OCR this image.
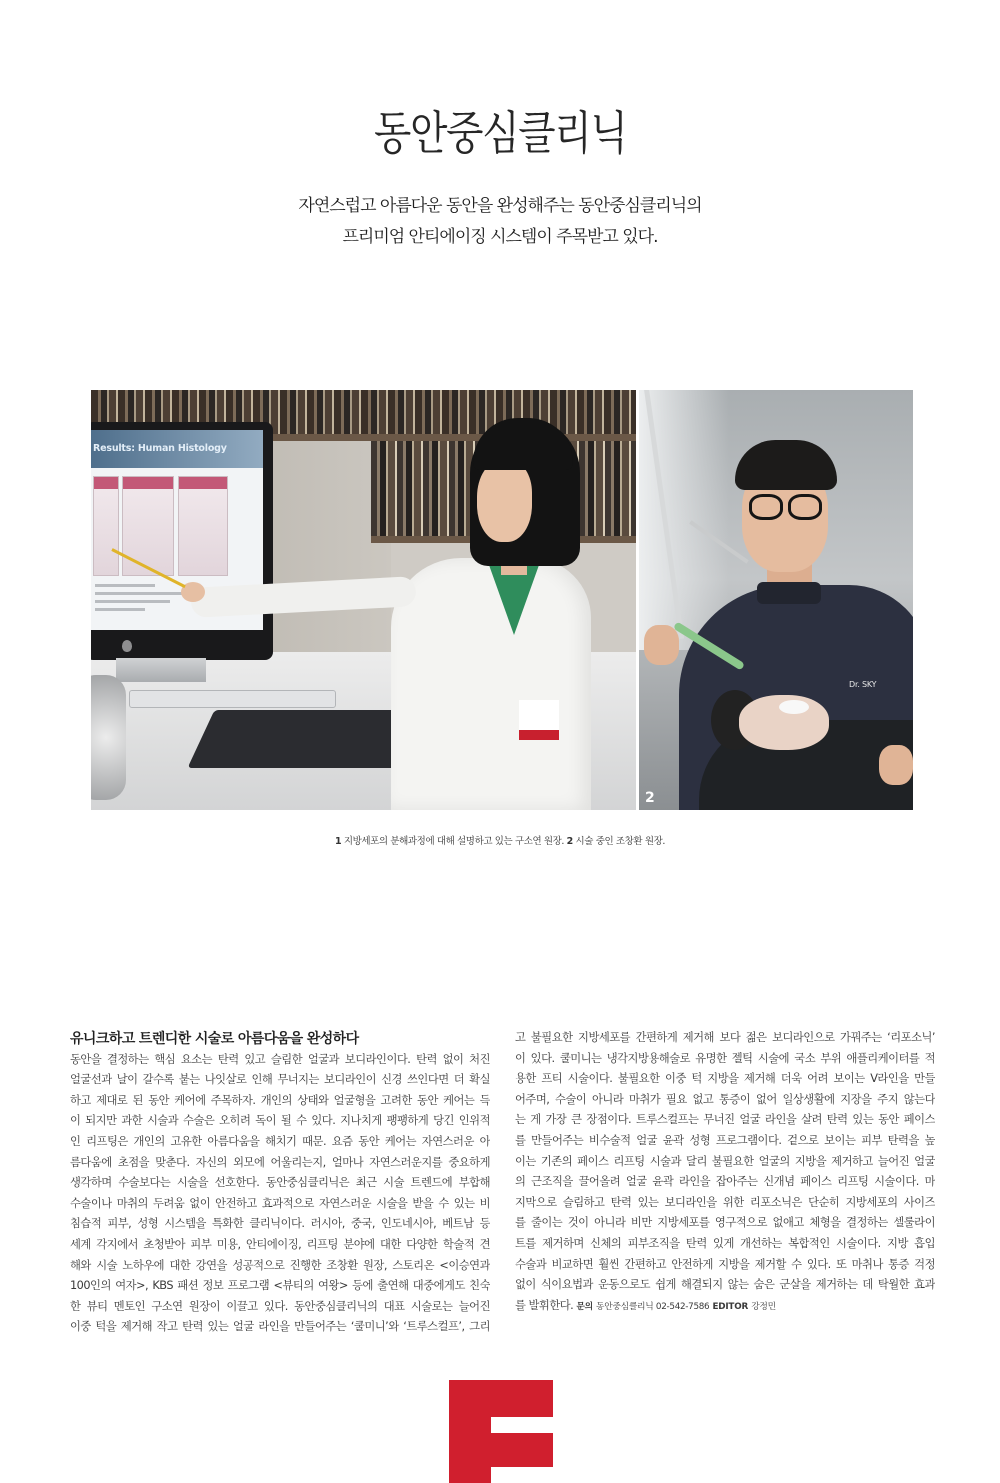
동안중심클리닉
자연스럽고 아름다운 동안을 완성해주는 동안중심클리닉의
프리미엄 안티에이징 시스템이 주목받고 있다.
Results: Human Histology
Dr. SKY
2
1 지방세포의 분해과정에 대해 설명하고 있는 구소연 원장. 2 시술 중인 조창환 원장.
유니크하고 트렌디한 시술로 아름다움을 완성하다
동안을 결정하는 핵심 요소는 탄력 있고 슬림한 얼굴과 보디라인이다. 탄력 없이 처진
얼굴선과 날이 갈수록 붙는 나잇살로 인해 무너지는 보디라인이 신경 쓰인다면 더 확실
하고 제대로 된 동안 케어에 주목하자. 개인의 상태와 얼굴형을 고려한 동안 케어는 득
이 되지만 과한 시술과 수술은 오히려 독이 될 수 있다. 지나치게 팽팽하게 당긴 인위적
인 리프팅은 개인의 고유한 아름다움을 해치기 때문. 요즘 동안 케어는 자연스러운 아
름다움에 초점을 맞춘다. 자신의 외모에 어울리는지, 얼마나 자연스러운지를 중요하게
생각하며 수술보다는 시술을 선호한다. 동안중심클리닉은 최근 시술 트렌드에 부합해
수술이나 마취의 두려움 없이 안전하고 효과적으로 자연스러운 시술을 받을 수 있는 비
침습적 피부, 성형 시스템을 특화한 클리닉이다. 러시아, 중국, 인도네시아, 베트남 등
세계 각지에서 초청받아 피부 미용, 안티에이징, 리프팅 분야에 대한 다양한 학술적 견
해와 시술 노하우에 대한 강연을 성공적으로 진행한 조창환 원장, 스토리온 <이승연과
100인의 여자>, KBS 패션 정보 프로그램 <뷰티의 여왕> 등에 출연해 대중에게도 친숙
한 뷰티 멘토인 구소연 원장이 이끌고 있다. 동안중심클리닉의 대표 시술로는 늘어진
이중 턱을 제거해 작고 탄력 있는 얼굴 라인을 만들어주는 ‘쿨미니’와 ‘트루스컬프’, 그리
고 불필요한 지방세포를 간편하게 제거해 보다 젊은 보디라인으로 가꿔주는 ‘리포소닉’
이 있다. 쿨미니는 냉각지방용해술로 유명한 젤틱 시술에 국소 부위 애플리케이터를 적
용한 프티 시술이다. 불필요한 이중 턱 지방을 제거해 더욱 어려 보이는 V라인을 만들
어주며, 수술이 아니라 마취가 필요 없고 통증이 없어 일상생활에 지장을 주지 않는다
는 게 가장 큰 장점이다. 트루스컬프는 무너진 얼굴 라인을 살려 탄력 있는 동안 페이스
를 만들어주는 비수술적 얼굴 윤곽 성형 프로그램이다. 겉으로 보이는 피부 탄력을 높
이는 기존의 페이스 리프팅 시술과 달리 불필요한 얼굴의 지방을 제거하고 늘어진 얼굴
의 근조직을 끌어올려 얼굴 윤곽 라인을 잡아주는 신개념 페이스 리프팅 시술이다. 마
지막으로 슬림하고 탄력 있는 보디라인을 위한 리포소닉은 단순히 지방세포의 사이즈
를 줄이는 것이 아니라 비만 지방세포를 영구적으로 없애고 체형을 결정하는 셀룰라이
트를 제거하며 신체의 피부조직을 탄력 있게 개선하는 복합적인 시술이다. 지방 흡입
수술과 비교하면 훨씬 간편하고 안전하게 지방을 제거할 수 있다. 또 마취나 통증 걱정
없이 식이요법과 운동으로도 쉽게 해결되지 않는 숨은 군살을 제거하는 데 탁월한 효과
를 발휘한다. 문의 동안중심클리닉 02-542-7586 EDITOR 강정민
